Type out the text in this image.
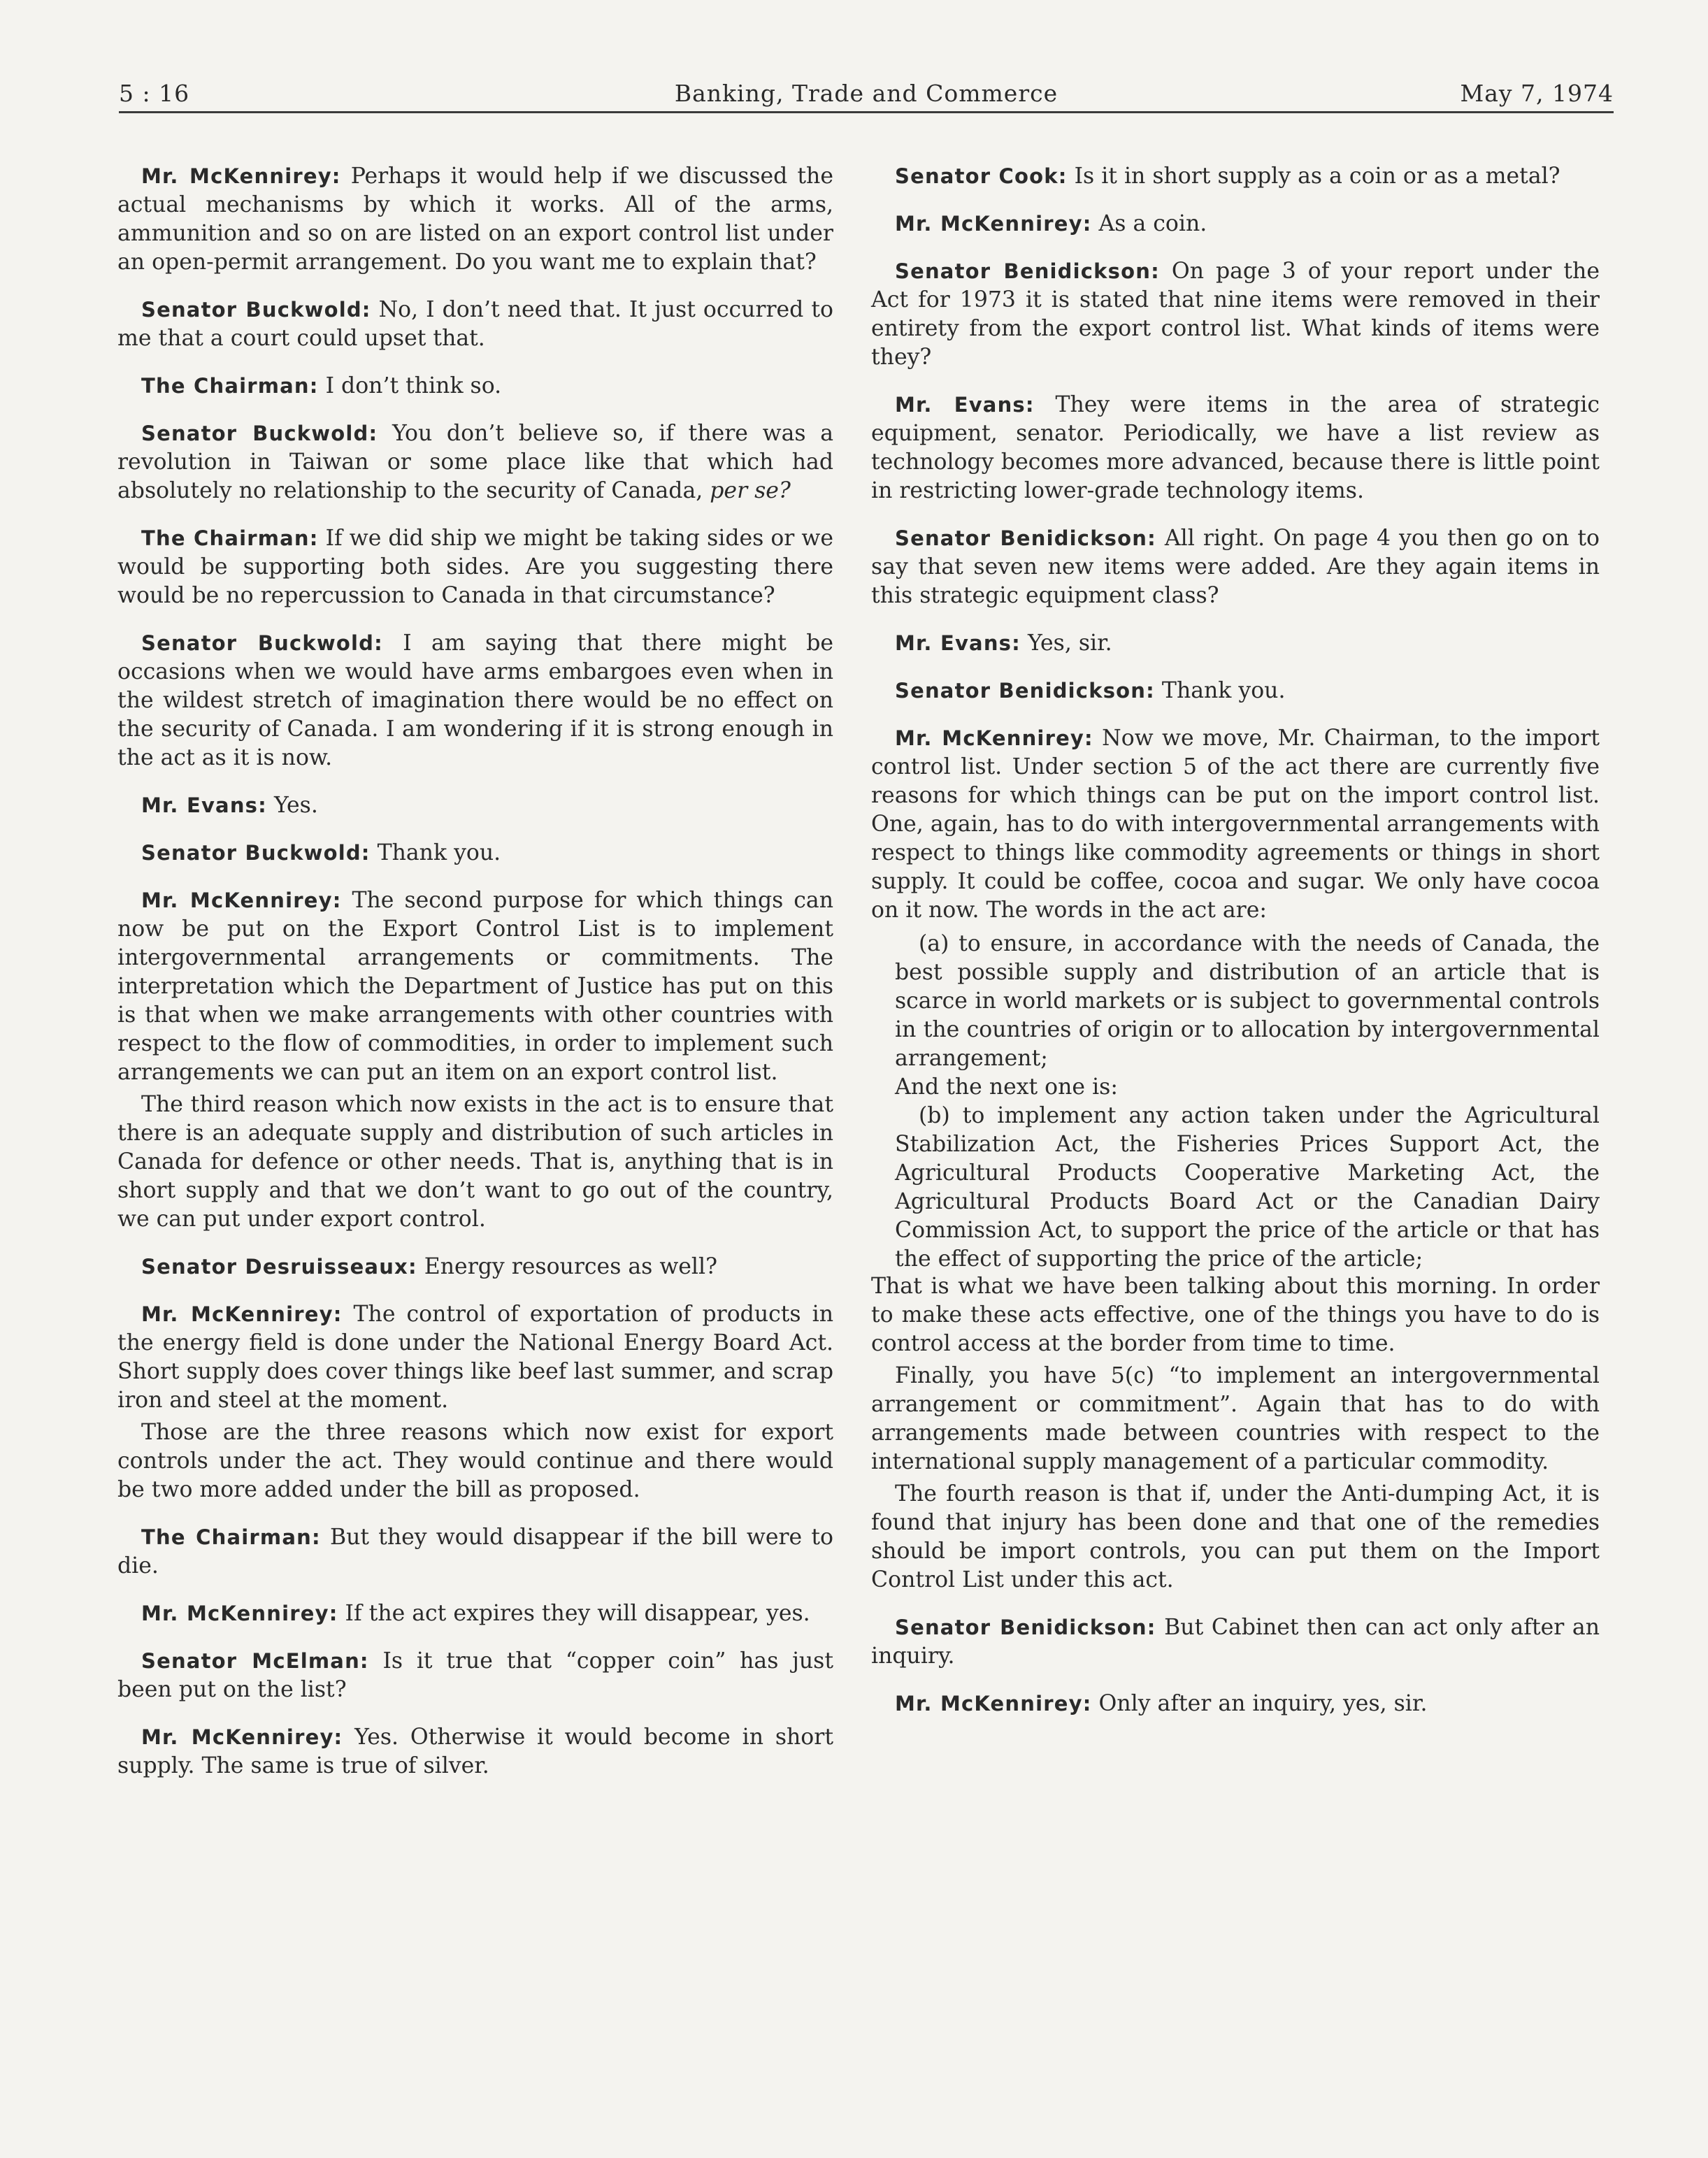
5 : 16	Banking, Trade and Commerce	May 7, 1974

Mr. McKennirey: Perhaps it would help if we discussed the actual mechanisms by which it works. All of the arms, ammunition and so on are listed on an export control list under an open-permit arrangement. Do you want me to explain that?

Senator Buckwold: No, I don’t need that. It just occurred to me that a court could upset that.

The Chairman: I don’t think so.

Senator Buckwold: You don’t believe so, if there was a revolution in Taiwan or some place like that which had absolutely no relationship to the security of Canada, per se?

The Chairman: If we did ship we might be taking sides or we would be supporting both sides. Are you suggesting there would be no repercussion to Canada in that circumstance?

Senator Buckwold: I am saying that there might be occasions when we would have arms embargoes even when in the wildest stretch of imagination there would be no effect on the security of Canada. I am wondering if it is strong enough in the act as it is now.

Mr. Evans: Yes.

Senator Buckwold: Thank you.

Mr. McKennirey: The second purpose for which things can now be put on the Export Control List is to implement intergovernmental arrangements or commitments. The interpretation which the Department of Justice has put on this is that when we make arrangements with other countries with respect to the flow of commodities, in order to implement such arrangements we can put an item on an export control list.

The third reason which now exists in the act is to ensure that there is an adequate supply and distribution of such articles in Canada for defence or other needs. That is, anything that is in short supply and that we don’t want to go out of the country, we can put under export control.

Senator Desruisseaux: Energy resources as well?

Mr. McKennirey: The control of exportation of products in the energy field is done under the National Energy Board Act. Short supply does cover things like beef last summer, and scrap iron and steel at the moment.

Those are the three reasons which now exist for export controls under the act. They would continue and there would be two more added under the bill as proposed.

The Chairman: But they would disappear if the bill were to die.

Mr. McKennirey: If the act expires they will disappear, yes.

Senator McElman: Is it true that “copper coin” has just been put on the list?

Mr. McKennirey: Yes. Otherwise it would become in short supply. The same is true of silver.

Senator Cook: Is it in short supply as a coin or as a metal?

Mr. McKennirey: As a coin.

Senator Benidickson: On page 3 of your report under the Act for 1973 it is stated that nine items were removed in their entirety from the export control list. What kinds of items were they?

Mr. Evans: They were items in the area of strategic equipment, senator. Periodically, we have a list review as technology becomes more advanced, because there is little point in restricting lower-grade technology items.

Senator Benidickson: All right. On page 4 you then go on to say that seven new items were added. Are they again items in this strategic equipment class?

Mr. Evans: Yes, sir.

Senator Benidickson: Thank you.

Mr. McKennirey: Now we move, Mr. Chairman, to the import control list. Under section 5 of the act there are currently five reasons for which things can be put on the import control list. One, again, has to do with intergovernmental arrangements with respect to things like commodity agreements or things in short supply. It could be coffee, cocoa and sugar. We only have cocoa on it now. The words in the act are:

(a) to ensure, in accordance with the needs of Canada, the best possible supply and distribution of an article that is scarce in world markets or is subject to governmental controls in the countries of origin or to allocation by intergovernmental arrangement;

And the next one is:

(b) to implement any action taken under the Agricultural Stabilization Act, the Fisheries Prices Support Act, the Agricultural Products Cooperative Marketing Act, the Agricultural Products Board Act or the Canadian Dairy Commission Act, to support the price of the article or that has the effect of supporting the price of the article;

That is what we have been talking about this morning. In order to make these acts effective, one of the things you have to do is control access at the border from time to time.

Finally, you have 5(c) “to implement an intergovernmental arrangement or commitment”. Again that has to do with arrangements made between countries with respect to the international supply management of a particular commodity.

The fourth reason is that if, under the Anti-dumping Act, it is found that injury has been done and that one of the remedies should be import controls, you can put them on the Import Control List under this act.

Senator Benidickson: But Cabinet then can act only after an inquiry.

Mr. McKennirey: Only after an inquiry, yes, sir.
